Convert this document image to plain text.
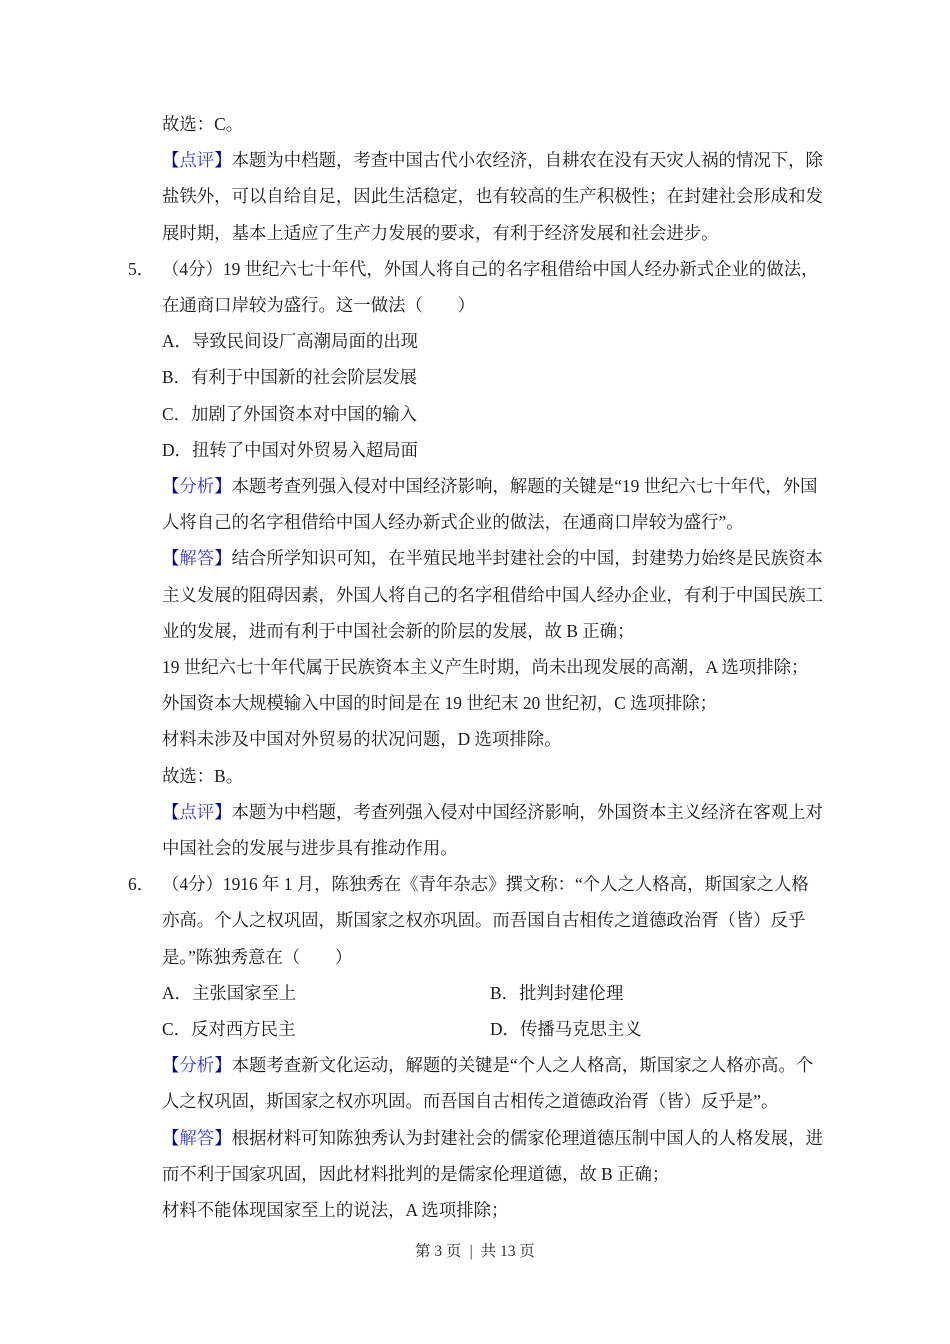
故选：C。
【点评】本题为中档题，考查中国古代小农经济，自耕农在没有天灾人祸的情况下，除
盐铁外，可以自给自足，因此生活稳定，也有较高的生产积极性；在封建社会形成和发
展时期，基本上适应了生产力发展的要求，有利于经济发展和社会进步。
5． （4分）19 世纪六七十年代，外国人将自己的名字租借给中国人经办新式企业的做法，
在通商口岸较为盛行。这一做法（　　）
A．导致民间设厂高潮局面的出现
B．有利于中国新的社会阶层发展
C．加剧了外国资本对中国的输入
D．扭转了中国对外贸易入超局面
【分析】本题考查列强入侵对中国经济影响，解题的关键是“19 世纪六七十年代，外国
人将自己的名字租借给中国人经办新式企业的做法，在通商口岸较为盛行”。
【解答】结合所学知识可知，在半殖民地半封建社会的中国，封建势力始终是民族资本
主义发展的阻碍因素，外国人将自己的名字租借给中国人经办企业，有利于中国民族工
业的发展，进而有利于中国社会新的阶层的发展，故 B 正确；
19 世纪六七十年代属于民族资本主义产生时期，尚未出现发展的高潮，A 选项排除；
外国资本大规模输入中国的时间是在 19 世纪末 20 世纪初，C 选项排除；
材料未涉及中国对外贸易的状况问题，D 选项排除。
故选：B。
【点评】本题为中档题，考查列强入侵对中国经济影响，外国资本主义经济在客观上对
中国社会的发展与进步具有推动作用。
6． （4分）1916 年 1 月，陈独秀在《青年杂志》撰文称：“个人之人格高，斯国家之人格
亦高。个人之权巩固，斯国家之权亦巩固。而吾国自古相传之道德政治胥（皆）反乎
是。”陈独秀意在（　　）
A．主张国家至上	B．批判封建伦理
C．反对西方民主	D．传播马克思主义
【分析】本题考查新文化运动，解题的关键是“个人之人格高，斯国家之人格亦高。个
人之权巩固，斯国家之权亦巩固。而吾国自古相传之道德政治胥（皆）反乎是”。
【解答】根据材料可知陈独秀认为封建社会的儒家伦理道德压制中国人的人格发展，进
而不利于国家巩固，因此材料批判的是儒家伦理道德，故 B 正确；
材料不能体现国家至上的说法，A 选项排除；
第 3 页 | 共 13 页
